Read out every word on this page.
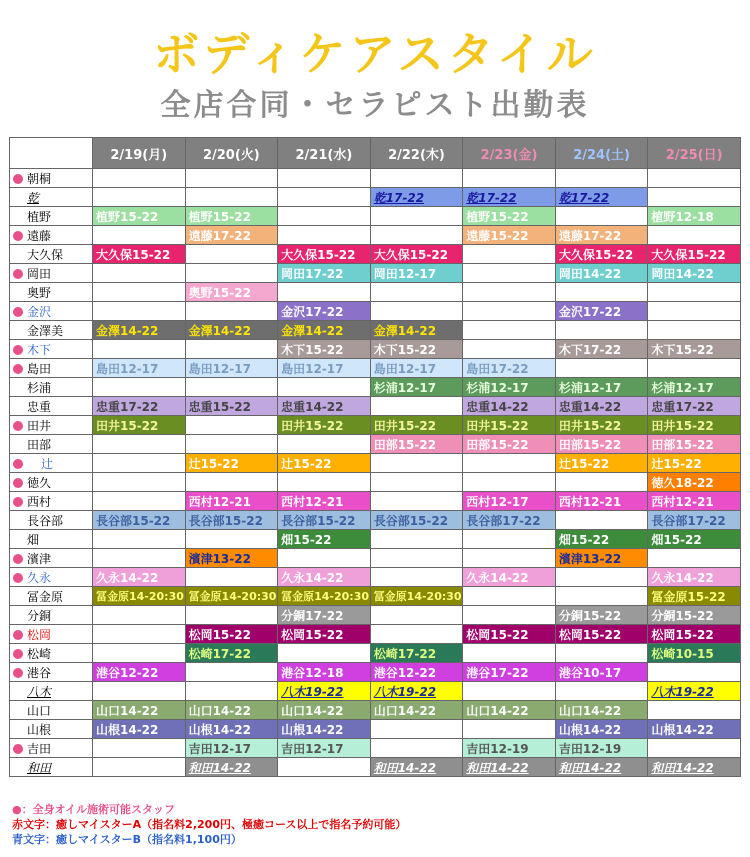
ボディケアスタイル
全店合同・セラピスト出勤表
	2/19(月)	2/20(火)	2/21(水)	2/22(木)	2/23(金)	2/24(土)	2/25(日)
朝桐							
乾				乾17-22	乾17-22	乾17-22	
植野	植野15-22	植野15-22			植野15-22		植野12-18
遠藤		遠藤17-22			遠藤15-22	遠藤17-22	
大久保	大久保15-22		大久保15-22	大久保15-22		大久保15-22	大久保15-22
岡田			岡田17-22	岡田12-17		岡田14-22	岡田14-22
奥野		奥野15-22					
金沢			金沢17-22			金沢17-22	
金澤美	金澤14-22	金澤14-22	金澤14-22	金澤14-22			
木下			木下15-22	木下15-22		木下17-22	木下15-22
島田	島田12-17	島田12-17	島田12-17	島田12-17	島田17-22		
杉浦				杉浦12-17	杉浦12-17	杉浦12-17	杉浦12-17
忠重	忠重17-22	忠重15-22	忠重14-22		忠重14-22	忠重14-22	忠重17-22
田井	田井15-22		田井15-22	田井15-22	田井15-22	田井15-22	田井15-22
田部				田部15-22	田部15-22	田部15-22	田部15-22
辻		辻15-22	辻15-22			辻15-22	辻15-22
徳久							徳久18-22
西村		西村12-21	西村12-21		西村12-17	西村12-21	西村12-21
長谷部	長谷部15-22	長谷部15-22	長谷部15-22	長谷部15-22	長谷部17-22		長谷部17-22
畑			畑15-22			畑15-22	畑15-22
濱津		濱津13-22				濱津13-22	
久永	久永14-22		久永14-22		久永14-22		久永14-22
冨金原	冨金原14-20:30	冨金原14-20:30	冨金原14-20:30	冨金原14-20:30			冨金原15-22
分銅			分銅17-22			分銅15-22	分銅15-22
松岡		松岡15-22	松岡15-22		松岡15-22	松岡15-22	松岡15-22
松崎		松崎17-22		松崎17-22			松崎10-15
港谷	港谷12-22		港谷12-18	港谷12-22	港谷17-22	港谷10-17	
八木			八木19-22	八木19-22			八木19-22
山口	山口14-22	山口14-22	山口14-22	山口14-22	山口14-22	山口14-22	
山根	山根14-22	山根14-22	山根14-22			山根14-22	山根14-22
吉田		吉田12-17	吉田12-17		吉田12-19	吉田12-19	
和田		和田14-22		和田14-22	和田14-22	和田14-22	和田14-22
●：全身オイル施術可能スタッフ
赤文字：癒しマイスターA（指名料2,200円、極癒コース以上で指名予約可能）
青文字：癒しマイスターB（指名料1,100円）
